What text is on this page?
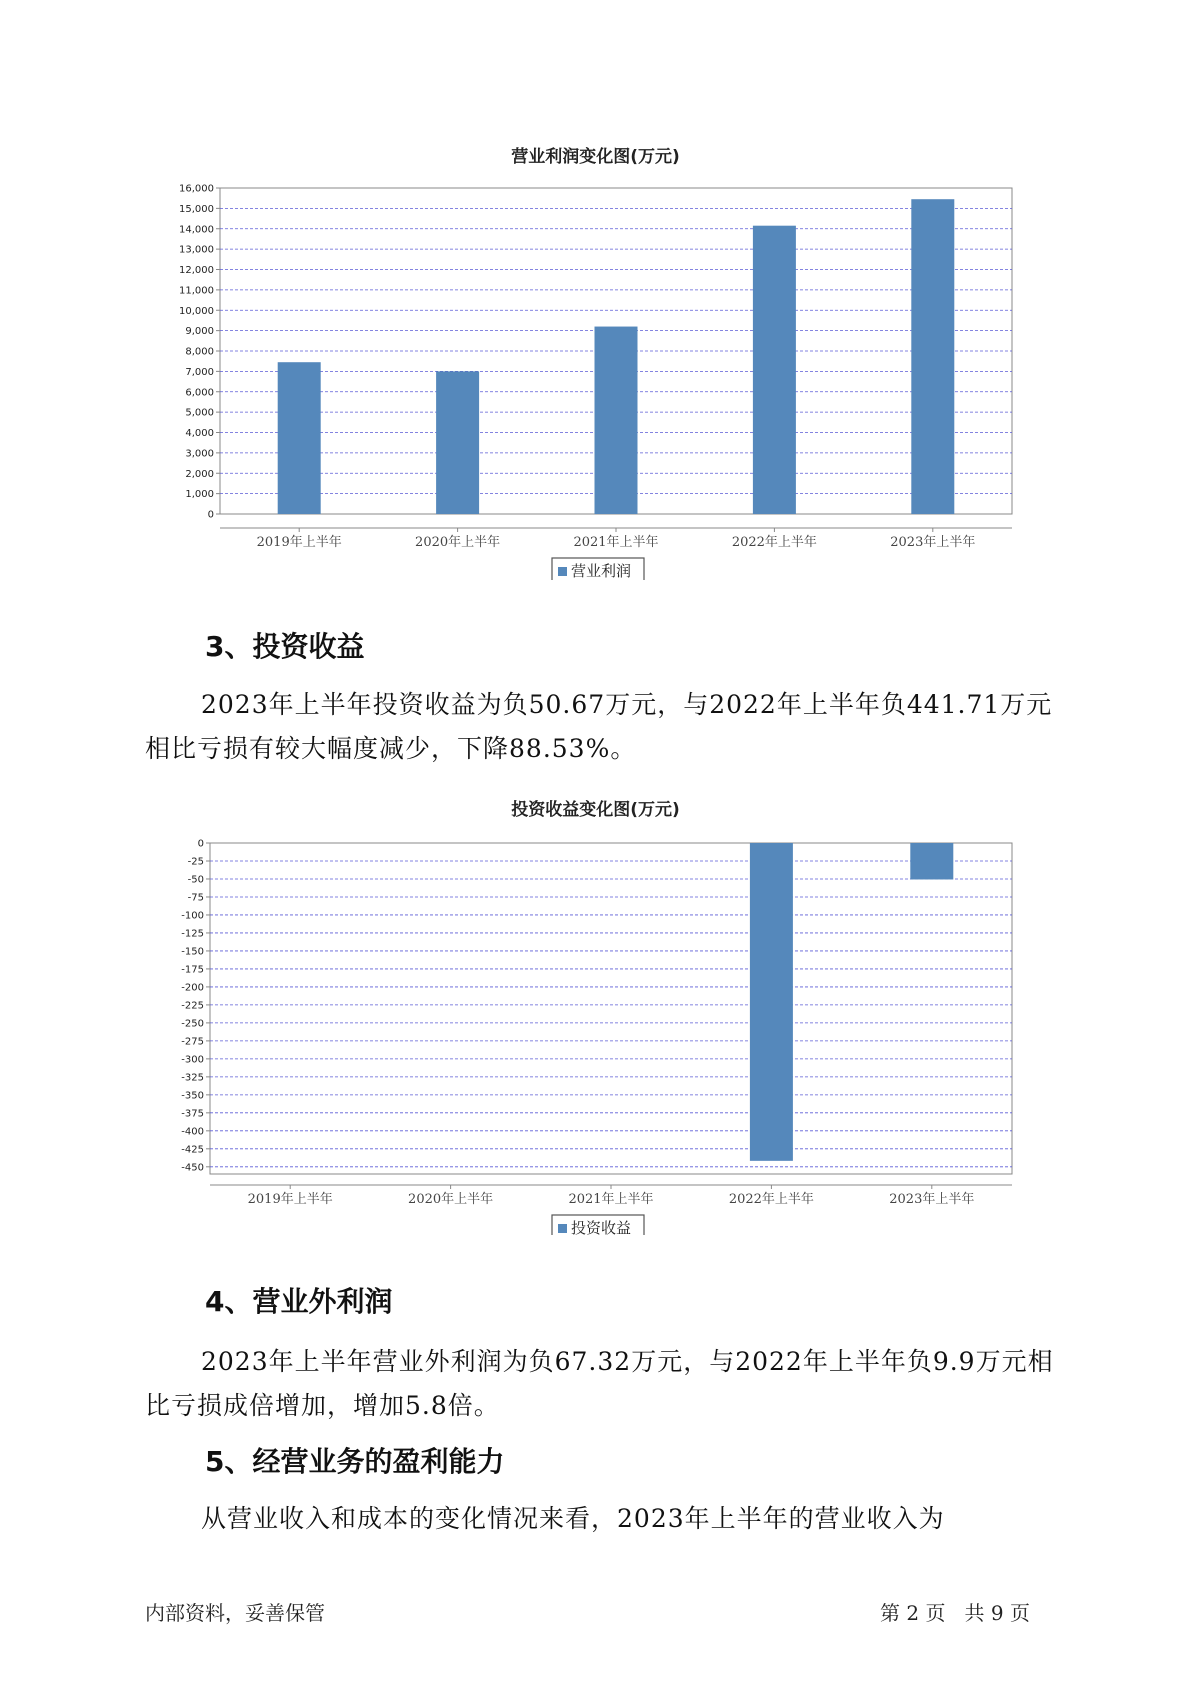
营业利润变化图(万元)
0
1,000
2,000
3,000
4,000
5,000
6,000
7,000
8,000
9,000
10,000
11,000
12,000
13,000
14,000
15,000
16,000
2019年上半年	2020年上半年	2021年上半年	2022年上半年	2023年上半年
营业利润
3、投资收益
2023年上半年投资收益为负50.67万元，与2022年上半年负441.71万元相比亏损有较大幅度减少，下降88.53%。
投资收益变化图(万元)
0
-25
-50
-75
-100
-125
-150
-175
-200
-225
-250
-275
-300
-325
-350
-375
-400
-425
-450
2019年上半年	2020年上半年	2021年上半年	2022年上半年	2023年上半年
投资收益
4、营业外利润
2023年上半年营业外利润为负67.32万元，与2022年上半年负9.9万元相比亏损成倍增加，增加5.8倍。
5、经营业务的盈利能力
从营业收入和成本的变化情况来看，2023年上半年的营业收入为
内部资料，妥善保管	第 2 页   共 9 页
